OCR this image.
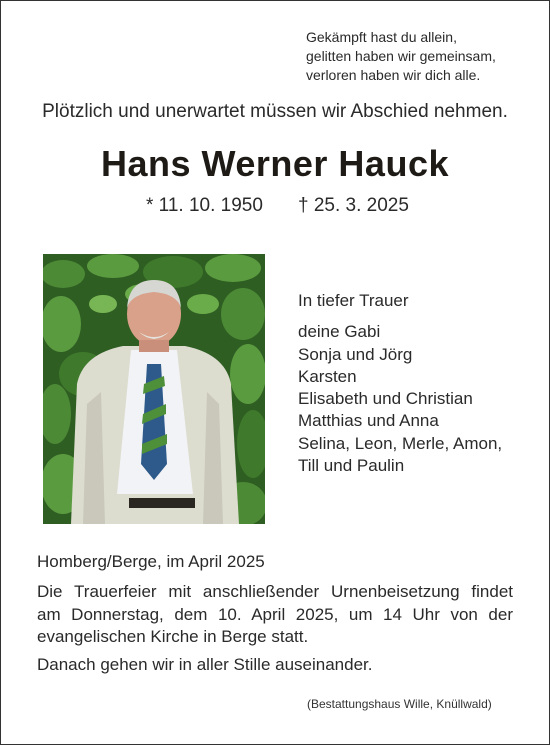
Gekämpft hast du allein,
gelitten haben wir gemeinsam,
verloren haben wir dich alle.
Plötzlich und unerwartet müssen wir Abschied nehmen.
Hans Werner Hauck
* 11. 10. 1950 † 25. 3. 2025
In tiefer Trauer
deine Gabi
Sonja und Jörg
Karsten
Elisabeth und Christian
Matthias und Anna
Selina, Leon, Merle, Amon,
Till und Paulin
Homberg/Berge, im April 2025
Die Trauerfeier mit anschließender Urnenbeisetzung findet
am Donnerstag, dem 10. April 2025, um 14 Uhr von der
evangelischen Kirche in Berge statt.
Danach gehen wir in aller Stille auseinander.
(Bestattungshaus Wille, Knüllwald)
